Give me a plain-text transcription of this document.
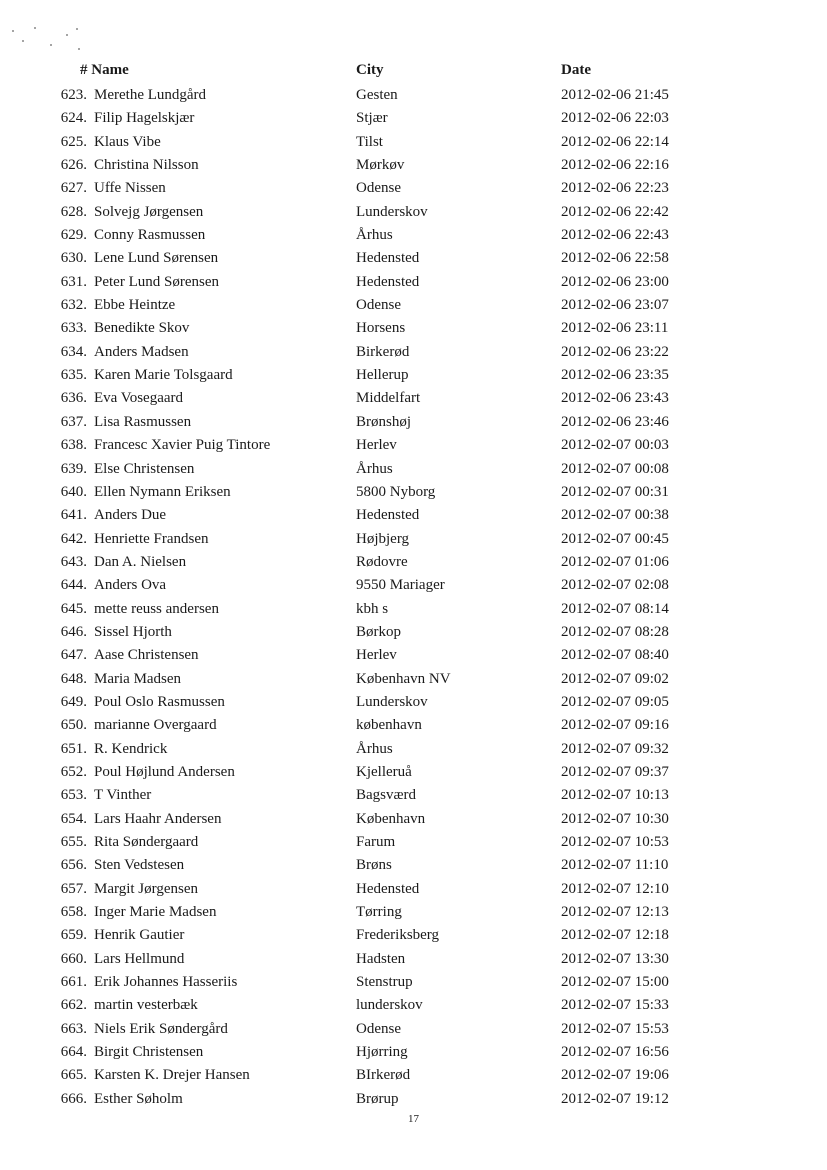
# Name	City	Date
623. Merethe Lundgård	Gesten	2012-02-06 21:45
624. Filip Hagelskjær	Stjær	2012-02-06 22:03
625. Klaus Vibe	Tilst	2012-02-06 22:14
626. Christina Nilsson	Mørkøv	2012-02-06 22:16
627. Uffe Nissen	Odense	2012-02-06 22:23
628. Solvejg Jørgensen	Lunderskov	2012-02-06 22:42
629. Conny Rasmussen	Århus	2012-02-06 22:43
630. Lene Lund Sørensen	Hedensted	2012-02-06 22:58
631. Peter Lund Sørensen	Hedensted	2012-02-06 23:00
632. Ebbe Heintze	Odense	2012-02-06 23:07
633. Benedikte Skov	Horsens	2012-02-06 23:11
634. Anders Madsen	Birkerød	2012-02-06 23:22
635. Karen Marie Tolsgaard	Hellerup	2012-02-06 23:35
636. Eva Vosegaard	Middelfart	2012-02-06 23:43
637. Lisa Rasmussen	Brønshøj	2012-02-06 23:46
638. Francesc Xavier Puig Tintore	Herlev	2012-02-07 00:03
639. Else Christensen	Århus	2012-02-07 00:08
640. Ellen Nymann Eriksen	5800 Nyborg	2012-02-07 00:31
641. Anders Due	Hedensted	2012-02-07 00:38
642. Henriette Frandsen	Højbjerg	2012-02-07 00:45
643. Dan A. Nielsen	Rødovre	2012-02-07 01:06
644. Anders Ova	9550 Mariager	2012-02-07 02:08
645. mette reuss andersen	kbh s	2012-02-07 08:14
646. Sissel Hjorth	Børkop	2012-02-07 08:28
647. Aase Christensen	Herlev	2012-02-07 08:40
648. Maria Madsen	København NV	2012-02-07 09:02
649. Poul Oslo Rasmussen	Lunderskov	2012-02-07 09:05
650. marianne Overgaard	københavn	2012-02-07 09:16
651. R. Kendrick	Århus	2012-02-07 09:32
652. Poul Højlund Andersen	Kjelleruå	2012-02-07 09:37
653. T Vinther	Bagsværd	2012-02-07 10:13
654. Lars Haahr Andersen	København	2012-02-07 10:30
655. Rita Søndergaard	Farum	2012-02-07 10:53
656. Sten Vedstesen	Brøns	2012-02-07 11:10
657. Margit Jørgensen	Hedensted	2012-02-07 12:10
658. Inger Marie Madsen	Tørring	2012-02-07 12:13
659. Henrik Gautier	Frederiksberg	2012-02-07 12:18
660. Lars Hellmund	Hadsten	2012-02-07 13:30
661. Erik Johannes Hasseriis	Stenstrup	2012-02-07 15:00
662. martin vesterbæk	lunderskov	2012-02-07 15:33
663. Niels Erik Søndergård	Odense	2012-02-07 15:53
664. Birgit Christensen	Hjørring	2012-02-07 16:56
665. Karsten K. Drejer Hansen	BIrkerød	2012-02-07 19:06
666. Esther Søholm	Brørup	2012-02-07 19:12
17
